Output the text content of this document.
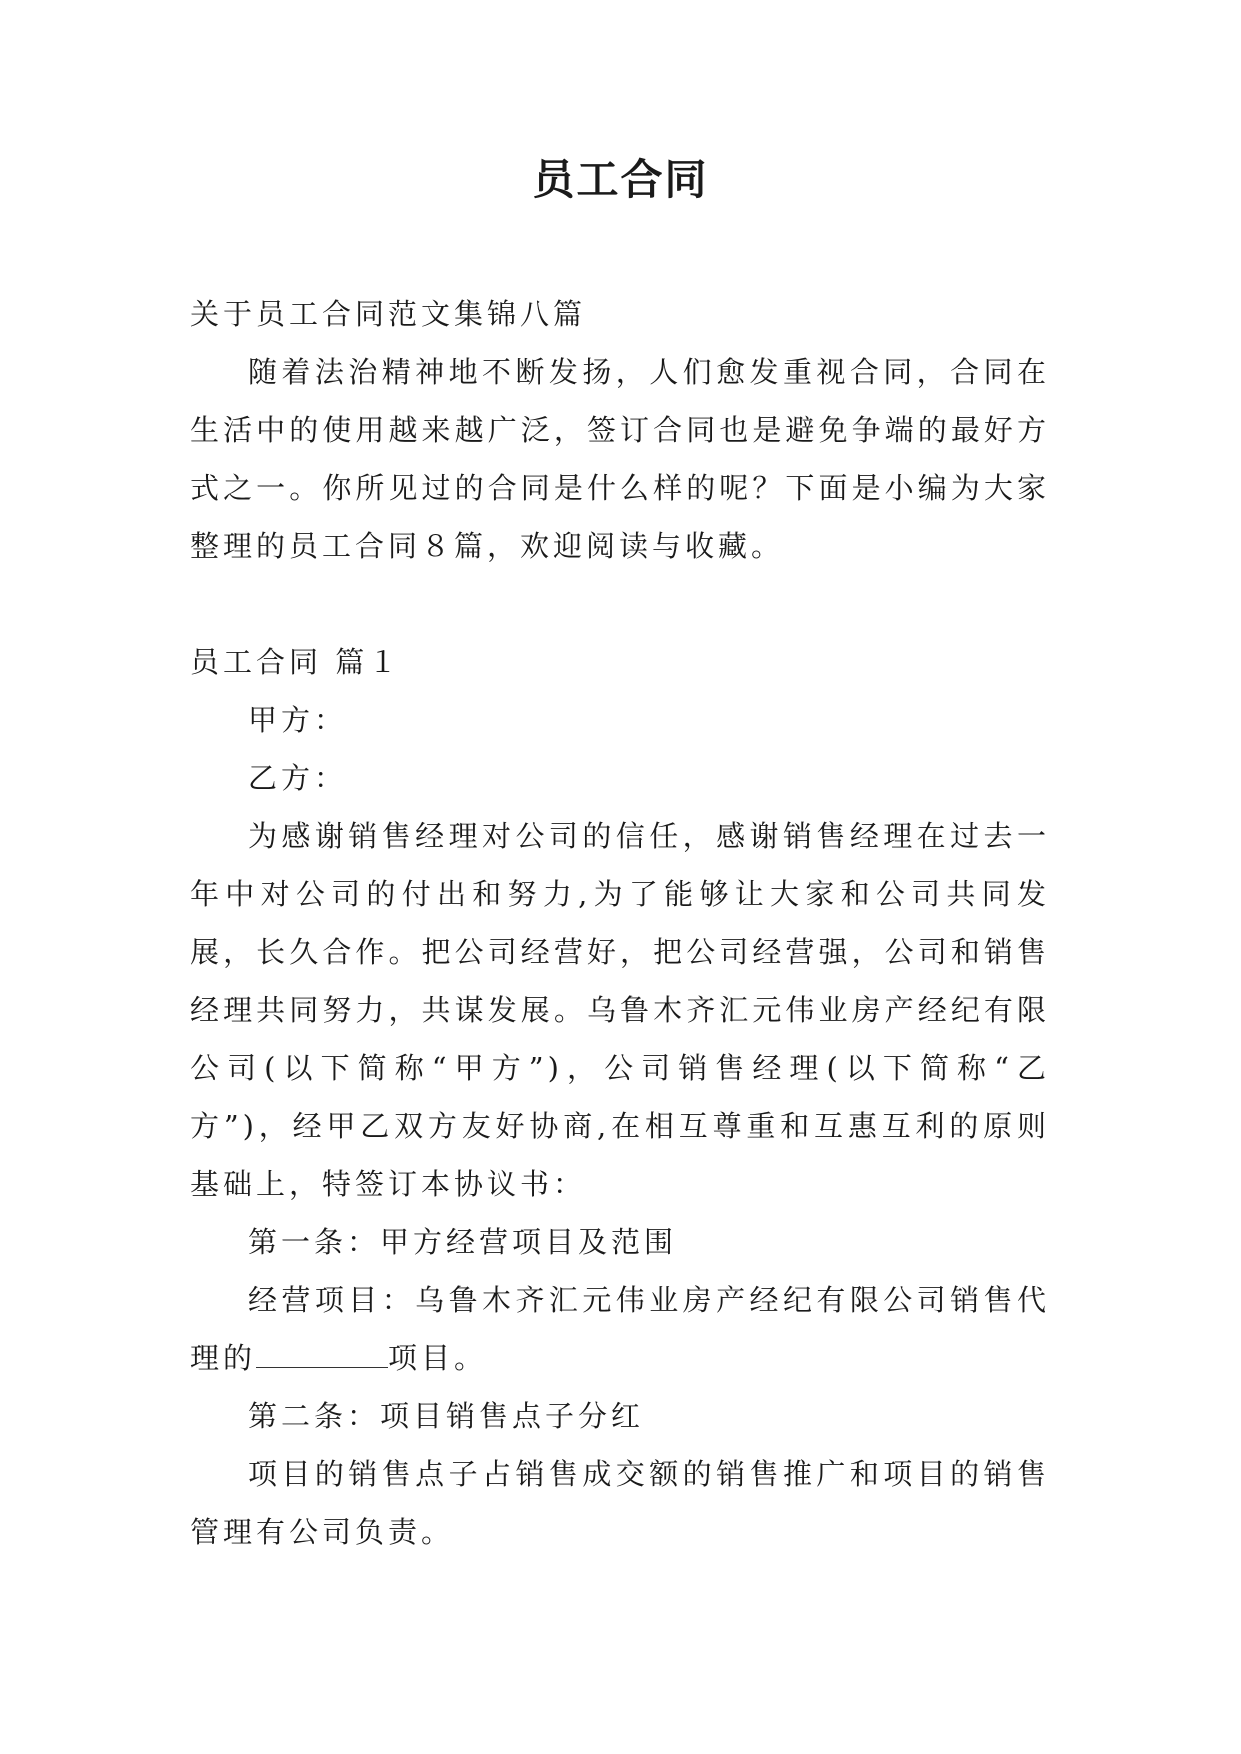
员工合同

关于员工合同范文集锦八篇

随着法治精神地不断发扬，人们愈发重视合同，合同在生活中的使用越来越广泛，签订合同也是避免争端的最好方式之一。你所见过的合同是什么样的呢？下面是小编为大家整理的员工合同８篇，欢迎阅读与收藏。

员工合同 篇１

甲方：

乙方：

为感谢销售经理对公司的信任，感谢销售经理在过去一年中对公司的付出和努力,为了能够让大家和公司共同发展，长久合作。把公司经营好，把公司经营强，公司和销售经理共同努力，共谋发展。乌鲁木齐汇元伟业房产经纪有限公司(以下简称“甲方”)，公司销售经理(以下简称“乙方”)，经甲乙双方友好协商,在相互尊重和互惠互利的原则基础上，特签订本协议书：

第一条：甲方经营项目及范围

经营项目：乌鲁木齐汇元伟业房产经纪有限公司销售代理的	项目。

第二条：项目销售点子分红

项目的销售点子占销售成交额的销售推广和项目的销售管理有公司负责。
